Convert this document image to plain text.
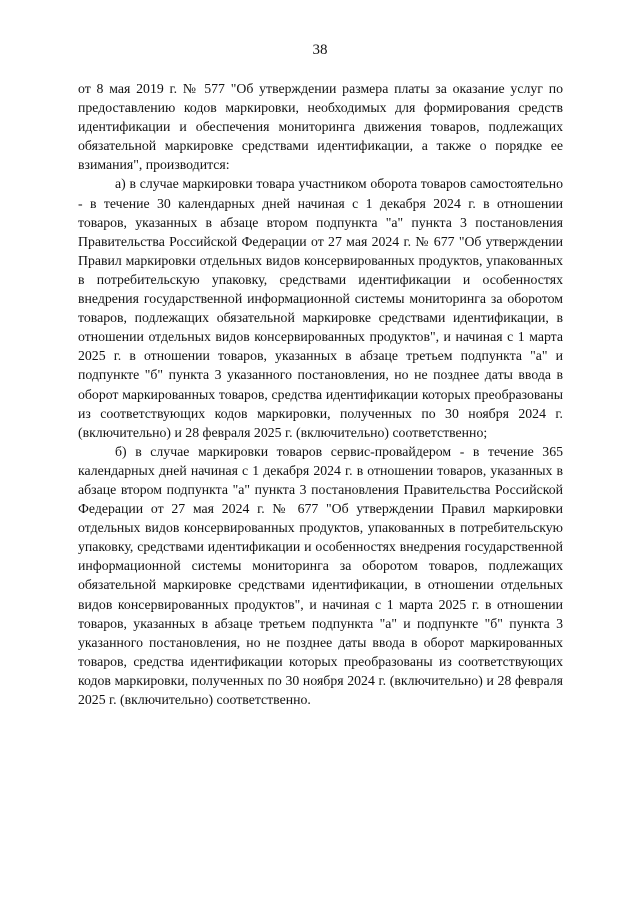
38

от 8 мая 2019 г. № 577 "Об утверждении размера платы за оказание услуг по предоставлению кодов маркировки, необходимых для формирования средств идентификации и обеспечения мониторинга движения товаров, подлежащих обязательной маркировке средствами идентификации, а также о порядке ее взимания", производится:

а) в случае маркировки товара участником оборота товаров самостоятельно - в течение 30 календарных дней начиная с 1 декабря 2024 г. в отношении товаров, указанных в абзаце втором подпункта "а" пункта 3 постановления Правительства Российской Федерации от 27 мая 2024 г. № 677 "Об утверждении Правил маркировки отдельных видов консервированных продуктов, упакованных в потребительскую упаковку, средствами идентификации и особенностях внедрения государственной информационной системы мониторинга за оборотом товаров, подлежащих обязательной маркировке средствами идентификации, в отношении отдельных видов консервированных продуктов", и начиная с 1 марта 2025 г. в отношении товаров, указанных в абзаце третьем подпункта "а" и подпункте "б" пункта 3 указанного постановления, но не позднее даты ввода в оборот маркированных товаров, средства идентификации которых преобразованы из соответствующих кодов маркировки, полученных по 30 ноября 2024 г. (включительно) и 28 февраля 2025 г. (включительно) соответственно;

б) в случае маркировки товаров сервис-провайдером - в течение 365 календарных дней начиная с 1 декабря 2024 г. в отношении товаров, указанных в абзаце втором подпункта "а" пункта 3 постановления Правительства Российской Федерации от 27 мая 2024 г. № 677 "Об утверждении Правил маркировки отдельных видов консервированных продуктов, упакованных в потребительскую упаковку, средствами идентификации и особенностях внедрения государственной информационной системы мониторинга за оборотом товаров, подлежащих обязательной маркировке средствами идентификации, в отношении отдельных видов консервированных продуктов", и начиная с 1 марта 2025 г. в отношении товаров, указанных в абзаце третьем подпункта "а" и подпункте "б" пункта 3 указанного постановления, но не позднее даты ввода в оборот маркированных товаров, средства идентификации которых преобразованы из соответствующих кодов маркировки, полученных по 30 ноября 2024 г. (включительно) и 28 февраля 2025 г. (включительно) соответственно.
